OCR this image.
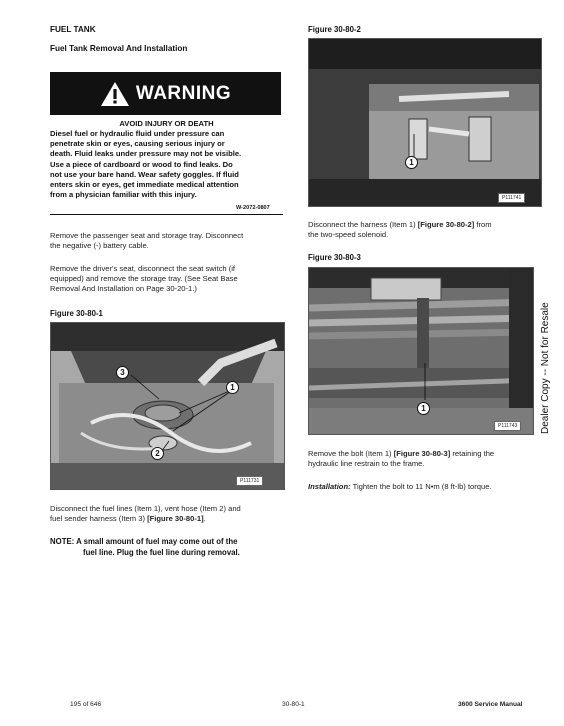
FUEL TANK
Fuel Tank Removal And Installation
WARNING
AVOID INJURY OR DEATH
Diesel fuel or hydraulic fluid under pressure can
penetrate skin or eyes, causing serious injury or
death. Fluid leaks under pressure may not be visible.
Use a piece of cardboard or wood to find leaks. Do
not use your bare hand. Wear safety goggles. If fluid
enters skin or eyes, get immediate medical attention
from a physician familiar with this injury.
W-2072-0807
Remove the passenger seat and storage tray. Disconnect
the negative (-) battery cable.
Remove the driver's seat, disconnect the seat switch (if
equipped) and remove the storage tray. (See Seat Base
Removal And Installation on Page 30-20-1.)
Figure 30-80-1
3
1
2
P111731
Disconnect the fuel lines (Item 1), vent hose (Item 2) and
fuel sender harness (Item 3) [Figure 30-80-1].
NOTE: A small amount of fuel may come out of the
fuel line. Plug the fuel line during removal.
Figure 30-80-2
1
P111741
Disconnect the harness (Item 1) [Figure 30-80-2] from
the two-speed solenoid.
Figure 30-80-3
1
P111743
Remove the bolt (Item 1) [Figure 30-80-3] retaining the
hydraulic line restrain to the frame.
Installation: Tighten the bolt to 11 N•m (8 ft-lb) torque.
Dealer Copy -- Not for Resale
195 of 646	30-80-1	3600 Service Manual
